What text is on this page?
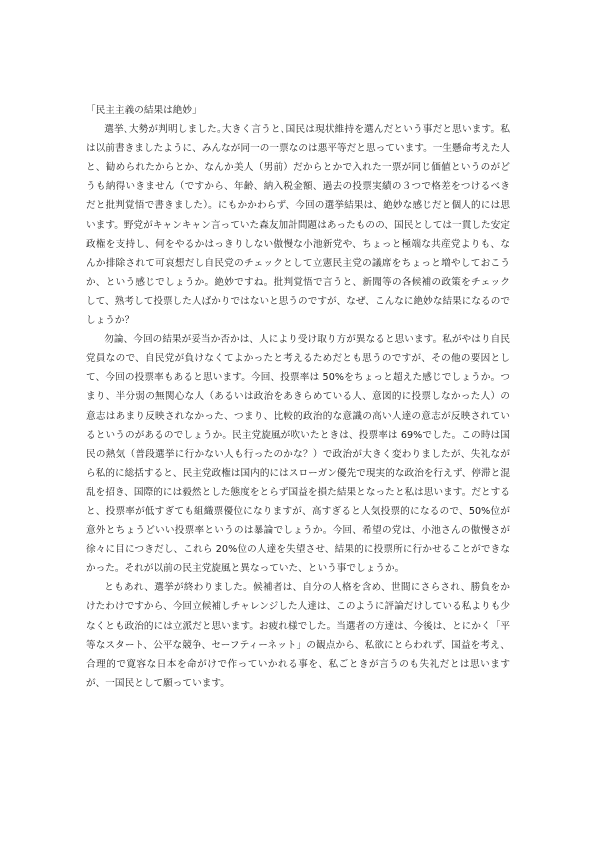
「民主主義の結果は絶妙」

選挙､大勢が判明しました｡大きく言うと､国民は現状維持を選んだという事だと思います。私は以前書きましたように、みんなが同一の一票なのは悪平等だと思っています。一生懸命考えた人と、勧められたからとか、なんか美人（男前）だからとかで入れた一票が同じ価値というのがどうも納得いきません（ですから、年齢、納入税金額、過去の投票実績の３つで格差をつけるべきだと批判覚悟で書きました）。にもかかわらず、今回の選挙結果は、絶妙な感じだと個人的には思います。野党がキャンキャン言っていた森友加計問題はあったものの、国民としては一貫した安定政権を支持し、何をやるかはっきりしない傲慢な小池新党や、ちょっと極端な共産党よりも、なんか排除されて可哀想だし自民党のチェックとして立憲民主党の議席をちょっと増やしておこうか、という感じでしょうか。絶妙ですね。批判覚悟で言うと、新聞等の各候補の政策をチェックして、熟考して投票した人ばかりではないと思うのですが、なぜ、こんなに絶妙な結果になるのでしょうか？

勿論、今回の結果が妥当か否かは、人により受け取り方が異なると思います。私がやはり自民党員なので、自民党が負けなくてよかったと考えるためだとも思うのですが、その他の要因として、今回の投票率もあると思います。今回、投票率は 50%をちょっと超えた感じでしょうか。つまり、半分弱の無関心な人（あるいは政治をあきらめている人、意図的に投票しなかった人）の意志はあまり反映されなかった、つまり、比較的政治的な意識の高い人達の意志が反映されているというのがあるのでしょうか。民主党旋風が吹いたときは、投票率は 69%でした。この時は国民の熱気（普段選挙に行かない人も行ったのかな？）で政治が大きく変わりましたが、失礼ながら私的に総括すると、民主党政権は国内的にはスローガン優先で現実的な政治を行えず、停滞と混乱を招き、国際的には毅然とした態度をとらず国益を損た結果となったと私は思います。だとすると、投票率が低すぎても組織票優位になりますが、高すぎると人気投票的になるので、50%位が意外とちょうどいい投票率というのは暴論でしょうか。今回、希望の党は、小池さんの傲慢さが徐々に目につきだし、これら 20%位の人達を失望させ、結果的に投票所に行かせることができなかった。それが以前の民主党旋風と異なっていた、という事でしょうか。

ともあれ、選挙が終わりました。候補者は、自分の人格を含め、世間にさらされ、勝負をかけたわけですから、今回立候補しチャレンジした人達は、このように評論だけしている私よりも少なくとも政治的には立派だと思います。お疲れ様でした。当選者の方達は、今後は、とにかく「平等なスタート、公平な競争、セーフティーネット」の観点から、私欲にとらわれず、国益を考え、合理的で寛容な日本を命がけで作っていかれる事を、私ごときが言うのも失礼だとは思いますが、一国民として願っています。
